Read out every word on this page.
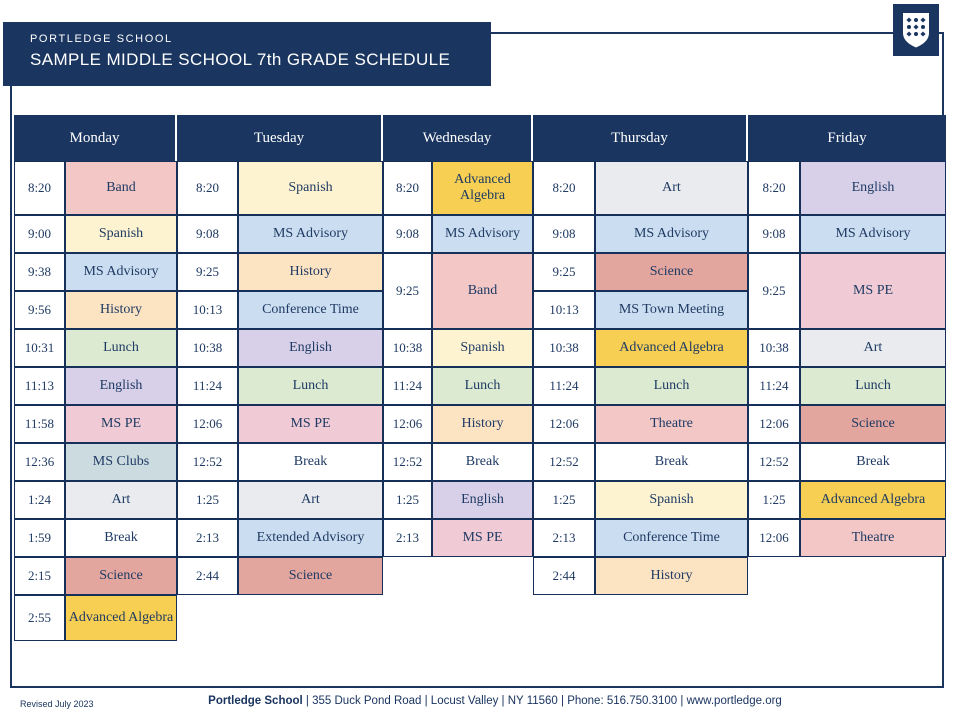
PORTLEDGE SCHOOL
SAMPLE MIDDLE SCHOOL 7th GRADE SCHEDULE
Monday
8:20	Band
9:00	Spanish
9:38	MS Advisory
9:56	History
10:31	Lunch
11:13	English
11:58	MS PE
12:36	MS Clubs
1:24	Art
1:59	Break
2:15	Science
2:55	Advanced Algebra
Tuesday
8:20	Spanish
9:08	MS Advisory
9:25	History
10:13	Conference Time
10:38	English
11:24	Lunch
12:06	MS PE
12:52	Break
1:25	Art
2:13	Extended Advisory
2:44	Science
Wednesday
8:20
Advanced Algebra
9:08	MS Advisory
9:25	Band
10:38	Spanish
11:24	Lunch
12:06	History
12:52	Break
1:25	English
2:13	MS PE
Thursday
8:20	Art
9:08	MS Advisory
9:25	Science
10:13	MS Town Meeting
10:38	Advanced Algebra
11:24	Lunch
12:06	Theatre
12:52	Break
1:25	Spanish
2:13	Conference Time
2:44	History
Friday
8:20	English
9:08	MS Advisory
9:25	MS PE
10:38	Art
11:24	Lunch
12:06	Science
12:52	Break
1:25	Advanced Algebra
12:06	Theatre
Revised July 2023	Portledge School | 355 Duck Pond Road | Locust Valley | NY 11560 | Phone: 516.750.3100 | www.portledge.org
